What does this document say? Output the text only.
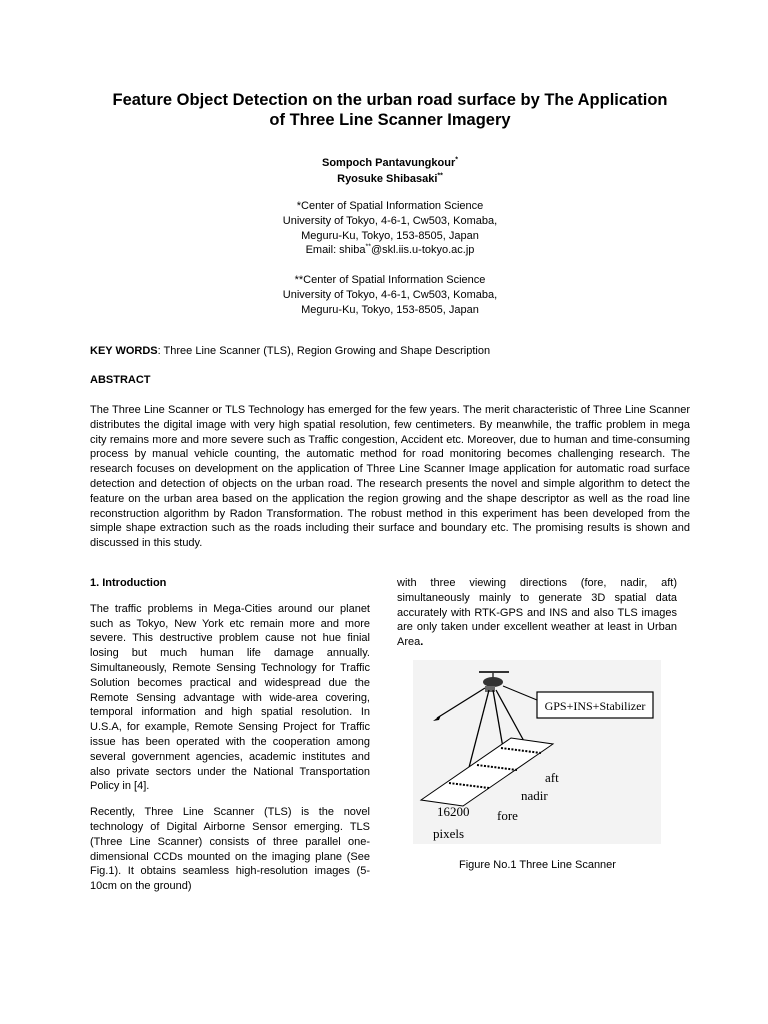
Feature Object Detection on the urban road surface by The Application
of Three Line Scanner Imagery
Sompoch Pantavungkour*
Ryosuke Shibasaki**
*Center of Spatial Information Science
University of Tokyo, 4-6-1, Cw503, Komaba,
Meguru-Ku, Tokyo, 153-8505, Japan
Email: shiba**@skl.iis.u-tokyo.ac.jp
**Center of Spatial Information Science
University of Tokyo, 4-6-1, Cw503, Komaba,
Meguru-Ku, Tokyo, 153-8505, Japan
KEY WORDS: Three Line Scanner (TLS), Region Growing and Shape Description
ABSTRACT

The Three Line Scanner or TLS Technology has emerged for the few years. The merit characteristic of Three Line Scanner distributes the digital image with very high spatial resolution, few centimeters. By meanwhile, the traffic problem in mega city remains more and more severe such as Traffic congestion, Accident etc. Moreover, due to human and time-consuming process by manual vehicle counting, the automatic method for road monitoring becomes challenging research. The research focuses on development on the application of Three Line Scanner Image application for automatic road surface detection and detection of objects on the urban road. The research presents the novel and simple algorithm to detect the feature on the urban area based on the application the region growing and the shape descriptor as well as the road line reconstruction algorithm by Radon Transformation. The robust method in this experiment has been developed from the simple shape extraction such as the roads including their surface and boundary etc. The promising results is shown and discussed in this study.

1. Introduction

The traffic problems in Mega-Cities around our planet such as Tokyo, New York etc remain more and more severe. This destructive problem cause not hue finial losing but much human life damage annually. Simultaneously, Remote Sensing Technology for Traffic Solution becomes practical and widespread due the Remote Sensing advantage with wide-area covering, temporal information and high spatial resolution. In U.S.A, for example, Remote Sensing Project for Traffic issue has been operated with the cooperation among several government agencies, academic institutes and also private sectors under the National Transportation Policy in [4].

Recently, Three Line Scanner (TLS) is the novel technology of Digital Airborne Sensor emerging. TLS (Three Line Scanner) consists of three parallel one-dimensional CCDs mounted on the imaging plane (See Fig.1). It obtains seamless high-resolution images (5-10cm on the ground)

with three viewing directions (fore, nadir, aft) simultaneously mainly to generate 3D spatial data accurately with RTK-GPS and INS and also TLS images are only taken under excellent weather at least in Urban Area.

GPS+INS+Stabilizer
aft
nadir
fore
16200
pixels
Figure No.1 Three Line Scanner
